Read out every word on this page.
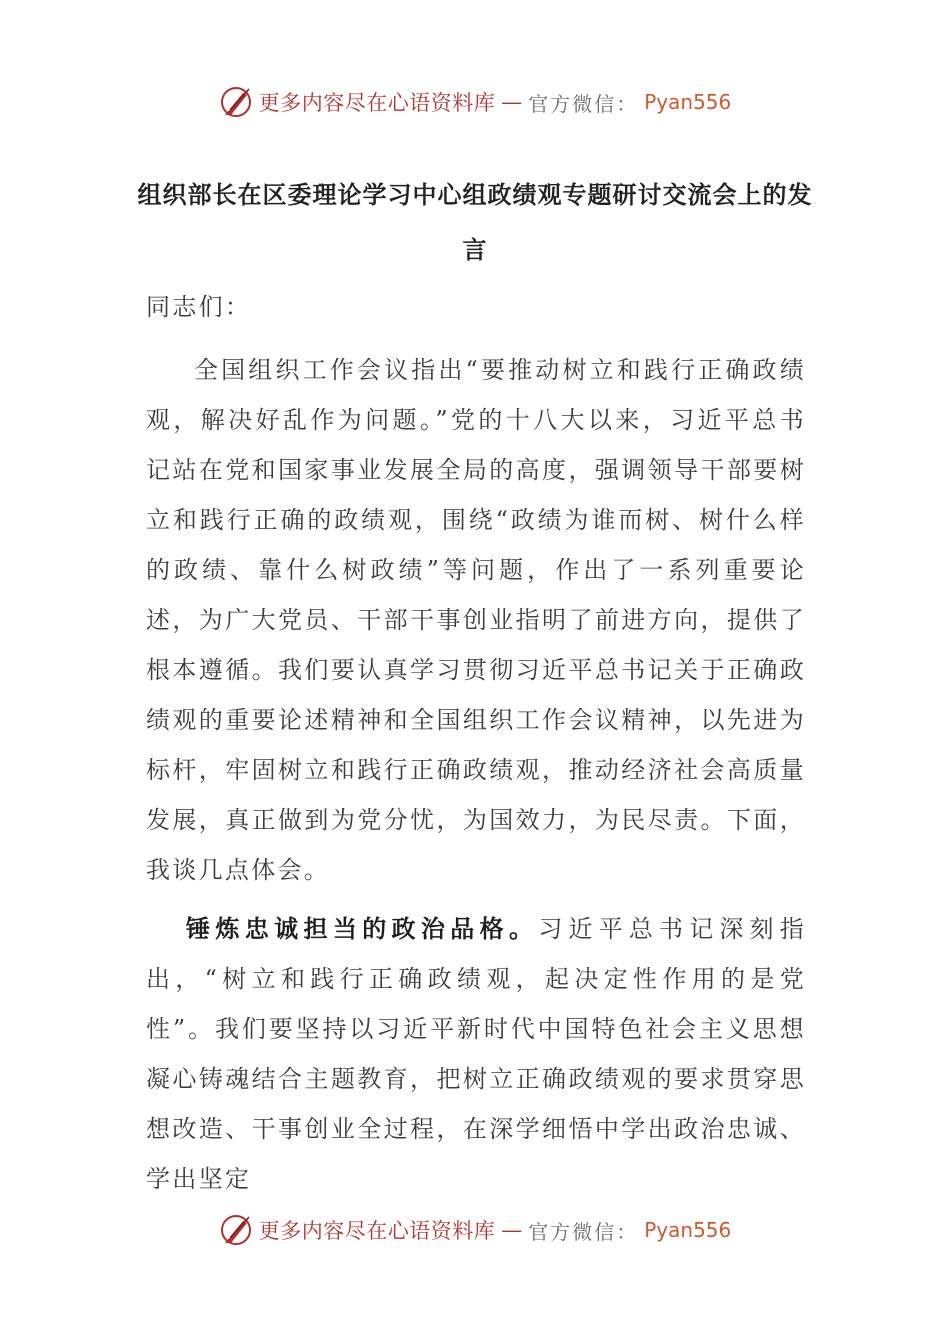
更多内容尽在心语资料库 — 官方微信： Pyan556
组织部长在区委理论学习中心组政绩观专题研讨交流会上的发言
同志们：
全国组织工作会议指出“要推动树立和践行正确政绩观，解决好乱作为问题。”党的十八大以来，习近平总书记站在党和国家事业发展全局的高度，强调领导干部要树立和践行正确的政绩观，围绕“政绩为谁而树、树什么样的政绩、靠什么树政绩”等问题，作出了一系列重要论述，为广大党员、干部干事创业指明了前进方向，提供了根本遵循。我们要认真学习贯彻习近平总书记关于正确政绩观的重要论述精神和全国组织工作会议精神，以先进为标杆，牢固树立和践行正确政绩观，推动经济社会高质量发展，真正做到为党分忧，为国效力，为民尽责。下面，我谈几点体会。
锤炼忠诚担当的政治品格。习近平总书记深刻指出，“树立和践行正确政绩观，起决定性作用的是党性”。我们要坚持以习近平新时代中国特色社会主义思想凝心铸魂结合主题教育，把树立正确政绩观的要求贯穿思想改造、干事创业全过程，在深学细悟中学出政治忠诚、学出坚定
更多内容尽在心语资料库 — 官方微信： Pyan556
